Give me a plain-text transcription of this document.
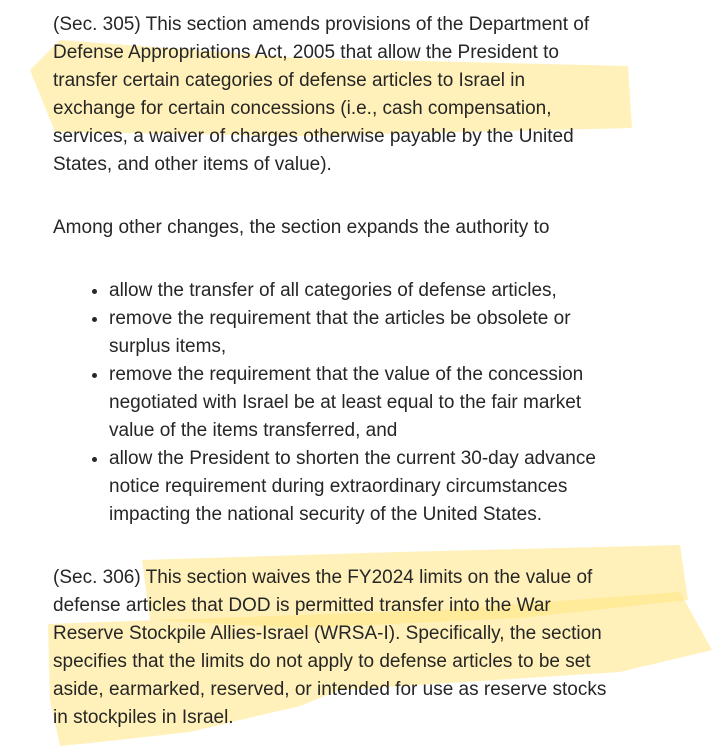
(Sec. 305) This section amends provisions of the Department of
Defense Appropriations Act, 2005 that allow the President to
transfer certain categories of defense articles to Israel in
exchange for certain concessions (i.e., cash compensation,
services, a waiver of charges otherwise payable by the United
States, and other items of value).

Among other changes, the section expands the authority to

• allow the transfer of all categories of defense articles,
• remove the requirement that the articles be obsolete or
surplus items,
• remove the requirement that the value of the concession
negotiated with Israel be at least equal to the fair market
value of the items transferred, and
• allow the President to shorten the current 30-day advance
notice requirement during extraordinary circumstances
impacting the national security of the United States.

(Sec. 306) This section waives the FY2024 limits on the value of
defense articles that DOD is permitted transfer into the War
Reserve Stockpile Allies-Israel (WRSA-I). Specifically, the section
specifies that the limits do not apply to defense articles to be set
aside, earmarked, reserved, or intended for use as reserve stocks
in stockpiles in Israel.
